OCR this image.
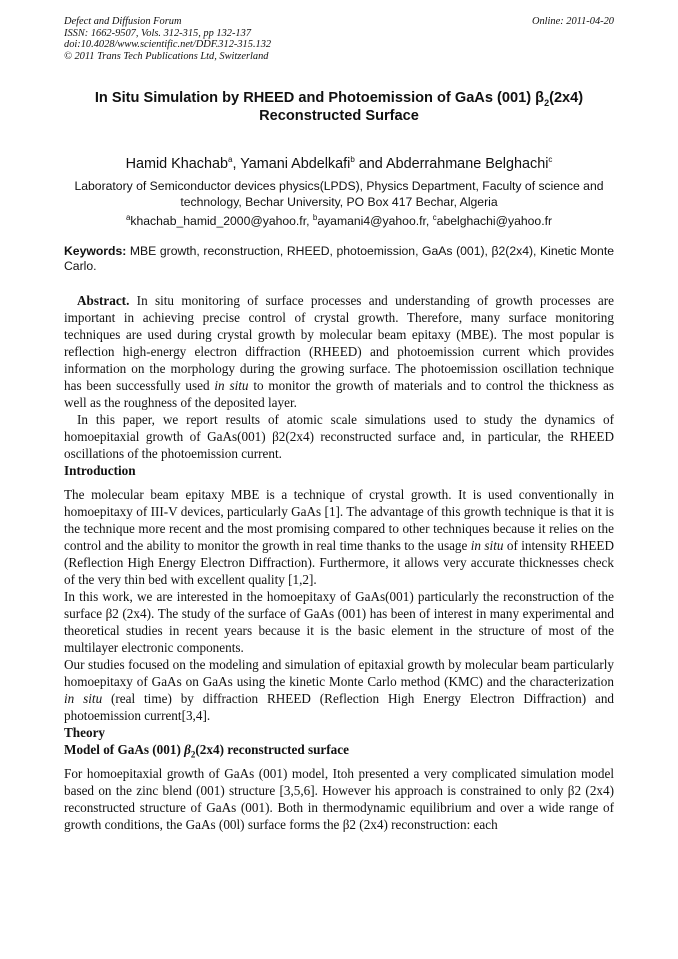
Defect and Diffusion Forum
ISSN: 1662-9507, Vols. 312-315, pp 132-137
doi:10.4028/www.scientific.net/DDF.312-315.132
© 2011 Trans Tech Publications Ltd, Switzerland
Online: 2011-04-20
In Situ Simulation by RHEED and Photoemission of GaAs (001) $\beta_2(2x4)$
Reconstructed Surface
Hamid Khachab$^a$, Yamani Abdelkafi$^b$ and Abderrahmane Belghachi$^c$
Laboratory of Semiconductor devices physics(LPDS), Physics Department, Faculty of science and
technology, Bechar University, PO Box 417 Bechar, Algeria
$^a$khachab_hamid_2000@yahoo.fr, $^b$ayamani4@yahoo.fr, $^c$abelghachi@yahoo.fr
Keywords: MBE growth, reconstruction, RHEED, photoemission, GaAs (001), β2(2x4), Kinetic Monte Carlo.

Abstract. In situ monitoring of surface processes and understanding of growth processes are important in achieving precise control of crystal growth. Therefore, many surface monitoring techniques are used during crystal growth by molecular beam epitaxy (MBE). The most popular is reflection high-energy electron diffraction (RHEED) and photoemission current which provides information on the morphology during the growing surface. The photoemission oscillation technique has been successfully used in situ to monitor the growth of materials and to control the thickness as well as the roughness of the deposited layer.

In this paper, we report results of atomic scale simulations used to study the dynamics of homoepitaxial growth of GaAs(001) β2(2x4) reconstructed surface and, in particular, the RHEED oscillations of the photoemission current.

Introduction

The molecular beam epitaxy MBE is a technique of crystal growth. It is used conventionally in homoepitaxy of III-V devices, particularly GaAs [1]. The advantage of this growth technique is that it is the technique more recent and the most promising compared to other techniques because it relies on the control and the ability to monitor the growth in real time thanks to the usage in situ of intensity RHEED (Reflection High Energy Electron Diffraction). Furthermore, it allows very accurate thicknesses check of the very thin bed with excellent quality [1,2].

In this work, we are interested in the homoepitaxy of GaAs(001) particularly the reconstruction of the surface β2 (2x4). The study of the surface of GaAs (001) has been of interest in many experimental and theoretical studies in recent years because it is the basic element in the structure of most of the multilayer electronic components.

Our studies focused on the modeling and simulation of epitaxial growth by molecular beam particularly homoepitaxy of GaAs on GaAs using the kinetic Monte Carlo method (KMC) and the characterization in situ (real time) by diffraction RHEED (Reflection High Energy Electron Diffraction) and photoemission current[3,4].

Theory
Model of GaAs (001) $\beta_2(2x4)$ reconstructed surface

For homoepitaxial growth of GaAs (001) model, Itoh presented a very complicated simulation model based on the zinc blend (001) structure [3,5,6]. However his approach is constrained to only β2 (2x4) reconstructed structure of GaAs (001). Both in thermodynamic equilibrium and over a wide range of growth conditions, the GaAs (00l) surface forms the β2 (2x4) reconstruction: each
